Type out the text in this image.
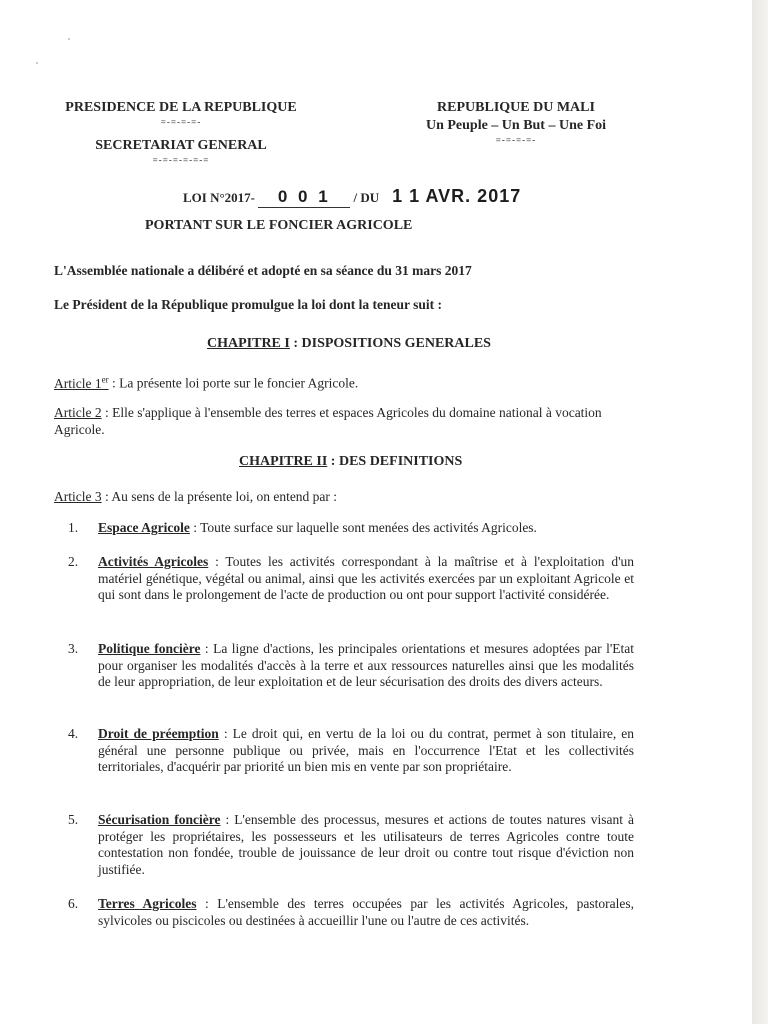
PRESIDENCE DE LA REPUBLIQUE
=-=-=-=-
SECRETARIAT GENERAL
=-=-=-=-=-=
REPUBLIQUE DU MALI
Un Peuple – Un But – Une Foi
=-=-=-=-
LOI N°2017- 0 0 1 / DU 1 1 AVR. 2017
PORTANT SUR LE FONCIER AGRICOLE
L'Assemblée nationale a délibéré et adopté en sa séance du 31 mars 2017
Le Président de la République promulgue la loi dont la teneur suit :
CHAPITRE I : DISPOSITIONS GENERALES
Article 1er : La présente loi porte sur le foncier Agricole.
Article 2 : Elle s'applique à l'ensemble des terres et espaces Agricoles du domaine national à vocation Agricole.
CHAPITRE II : DES DEFINITIONS
Article 3 : Au sens de la présente loi, on entend par :
1.	Espace Agricole : Toute surface sur laquelle sont menées des activités Agricoles.
2.	Activités Agricoles : Toutes les activités correspondant à la maîtrise et à l'exploitation d'un matériel génétique, végétal ou animal, ainsi que les activités exercées par un exploitant Agricole et qui sont dans le prolongement de l'acte de production ou ont pour support l'activité considérée.
3.	Politique foncière : La ligne d'actions, les principales orientations et mesures adoptées par l'Etat pour organiser les modalités d'accès à la terre et aux ressources naturelles ainsi que les modalités de leur appropriation, de leur exploitation et de leur sécurisation des droits des divers acteurs.
4.	Droit de préemption : Le droit qui, en vertu de la loi ou du contrat, permet à son titulaire, en général une personne publique ou privée, mais en l'occurrence l'Etat et les collectivités territoriales, d'acquérir par priorité un bien mis en vente par son propriétaire.
5.	Sécurisation foncière : L'ensemble des processus, mesures et actions de toutes natures visant à protéger les propriétaires, les possesseurs et les utilisateurs de terres Agricoles contre toute contestation non fondée, trouble de jouissance de leur droit ou contre tout risque d'éviction non justifiée.
6.	Terres Agricoles : L'ensemble des terres occupées par les activités Agricoles, pastorales, sylvicoles ou piscicoles ou destinées à accueillir l'une ou l'autre de ces activités.
